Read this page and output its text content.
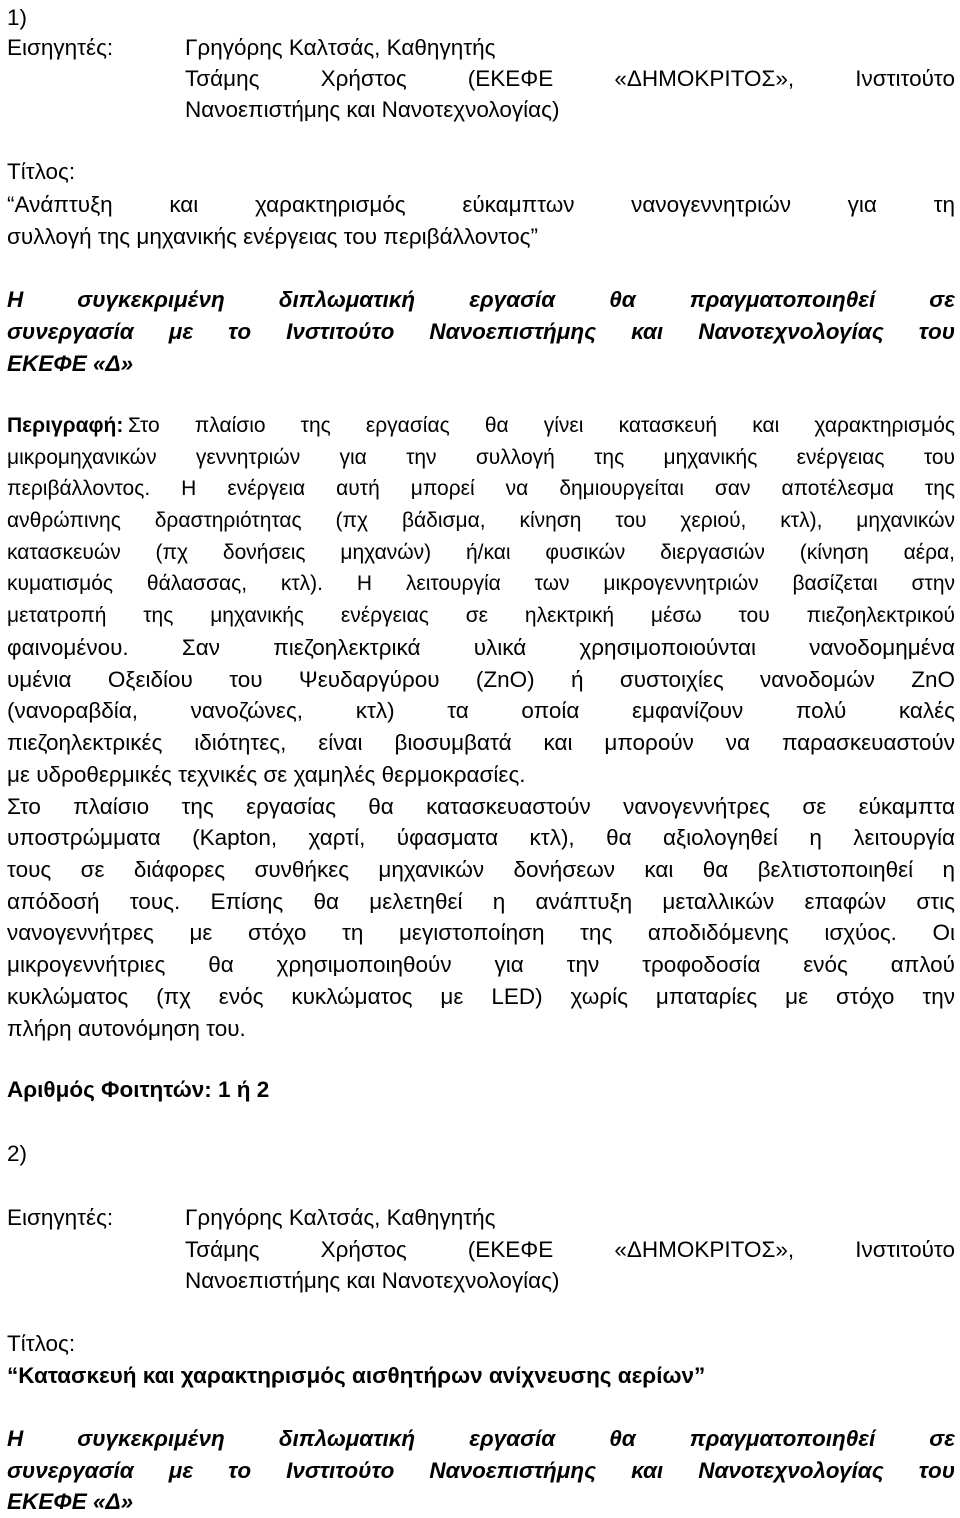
1)
Εισηγητές:	Γρηγόρης Καλτσάς, Καθηγητής
Τσάμης Χρήστος (ΕΚΕΦΕ «ΔΗΜΟΚΡΙΤΟΣ», Ινστιτούτο
Νανοεπιστήμης και Νανοτεχνολογίας)
Τίτλος:
“Ανάπτυξη και χαρακτηρισμός εύκαμπτων νανογεννητριών για τη
συλλογή της μηχανικής ενέργειας του περιβάλλοντος”
Η συγκεκριμένη διπλωματική εργασία θα πραγματοποιηθεί σε
συνεργασία με το Ινστιτούτο Νανοεπιστήμης και Νανοτεχνολογίας του
ΕΚΕΦΕ «Δ»
Στο πλαίσιο της εργασίας θα γίνει κατασκευή και χαρακτηρισμός
Περιγραφή:
μικρομηχανικών γεννητριών για την συλλογή της μηχανικής ενέργειας του
περιβάλλοντος. Η ενέργεια αυτή μπορεί να δημιουργείται σαν αποτέλεσμα της
ανθρώπινης δραστηριότητας (πχ βάδισμα, κίνηση του χεριού, κτλ), μηχανικών
κατασκευών (πχ δονήσεις μηχανών) ή/και φυσικών διεργασιών (κίνηση αέρα,
κυματισμός θάλασσας, κτλ). Η λειτουργία των μικρογεννητριών βασίζεται στην
μετατροπή της μηχανικής ενέργειας σε ηλεκτρική μέσω του πιεζοηλεκτρικού
φαινομένου. Σαν πιεζοηλεκτρικά υλικά χρησιμοποιούνται νανοδομημένα
υμένια Οξειδίου του Ψευδαργύρου (ZnO) ή συστοιχίες νανοδομών ZnO
(νανοραβδία, νανοζώνες, κτλ) τα οποία εμφανίζουν πολύ καλές
πιεζοηλεκτρικές ιδιότητες, είναι βιοσυμβατά και μπορούν να παρασκευαστούν
με υδροθερμικές τεχνικές σε χαμηλές θερμοκρασίες.
Στο πλαίσιο της εργασίας θα κατασκευαστούν νανογεννήτρες σε εύκαμπτα
υποστρώμματα (Kapton, χαρτί, ύφασματα κτλ), θα αξιολογηθεί η λειτουργία
τους σε διάφορες συνθήκες μηχανικών δονήσεων και θα βελτιστοποιηθεί η
απόδοσή τους. Επίσης θα μελετηθεί η ανάπτυξη μεταλλικών επαφών στις
νανογεννήτρες με στόχο τη μεγιστοποίηση της αποδιδόμενης ισχύος. Οι
μικρογεννήτριες θα χρησιμοποιηθούν για την τροφοδοσία ενός απλού
κυκλώματος (πχ ενός κυκλώματος με LED) χωρίς μπαταρίες με στόχο την
πλήρη αυτονόμηση του.
Αριθμός Φοιτητών: 1 ή 2
2)
Εισηγητές:	Γρηγόρης Καλτσάς, Καθηγητής
Τσάμης Χρήστος (ΕΚΕΦΕ «ΔΗΜΟΚΡΙΤΟΣ», Ινστιτούτο
Νανοεπιστήμης και Νανοτεχνολογίας)
Τίτλος:
“Κατασκευή και χαρακτηρισμός αισθητήρων ανίχνευσης αερίων”
Η συγκεκριμένη διπλωματική εργασία θα πραγματοποιηθεί σε
συνεργασία με το Ινστιτούτο Νανοεπιστήμης και Νανοτεχνολογίας του
ΕΚΕΦΕ «Δ»
